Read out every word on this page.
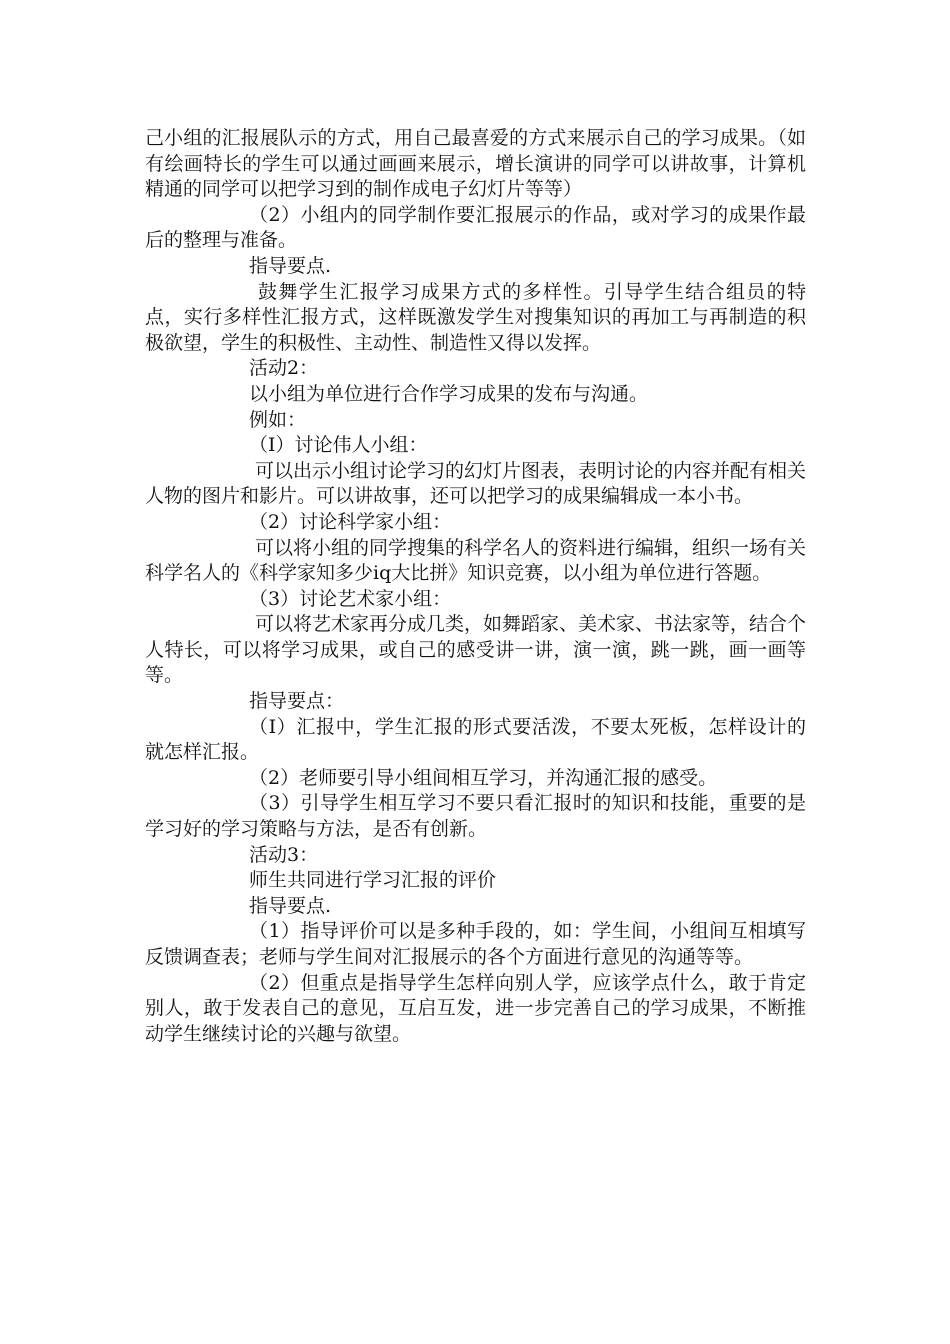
己小组的汇报展队示的方式，用自己最喜爱的方式来展示自己的学习成果。（如有绘画特长的学生可以通过画画来展示，增长演讲的同学可以讲故事，计算机精通的同学可以把学习到的制作成电子幻灯片等等）

（2）小组内的同学制作要汇报展示的作品，或对学习的成果作最后的整理与准备。

指导要点.

鼓舞学生汇报学习成果方式的多样性。引导学生结合组员的特点，实行多样性汇报方式，这样既激发学生对搜集知识的再加工与再制造的积极欲望，学生的积极性、主动性、制造性又得以发挥。

活动2：

以小组为单位进行合作学习成果的发布与沟通。

例如：

（I）讨论伟人小组：

可以出示小组讨论学习的幻灯片图表，表明讨论的内容并配有相关人物的图片和影片。可以讲故事，还可以把学习的成果编辑成一本小书。

（2）讨论科学家小组：

可以将小组的同学搜集的科学名人的资料进行编辑，组织一场有关科学名人的《科学家知多少iq大比拼》知识竞赛，以小组为单位进行答题。

（3）讨论艺术家小组：

可以将艺术家再分成几类，如舞蹈家、美术家、书法家等，结合个人特长，可以将学习成果，或自己的感受讲一讲，演一演，跳一跳，画一画等等。

指导要点：

（I）汇报中，学生汇报的形式要活泼，不要太死板，怎样设计的就怎样汇报。

（2）老师要引导小组间相互学习，并沟通汇报的感受。

（3）引导学生相互学习不要只看汇报时的知识和技能，重要的是学习好的学习策略与方法，是否有创新。

活动3：

师生共同进行学习汇报的评价

指导要点.

（1）指导评价可以是多种手段的，如：学生间，小组间互相填写反馈调查表；老师与学生间对汇报展示的各个方面进行意见的沟通等等。

（2）但重点是指导学生怎样向别人学，应该学点什么，敢于肯定别人，敢于发表自己的意见，互启互发，进一步完善自己的学习成果，不断推动学生继续讨论的兴趣与欲望。
